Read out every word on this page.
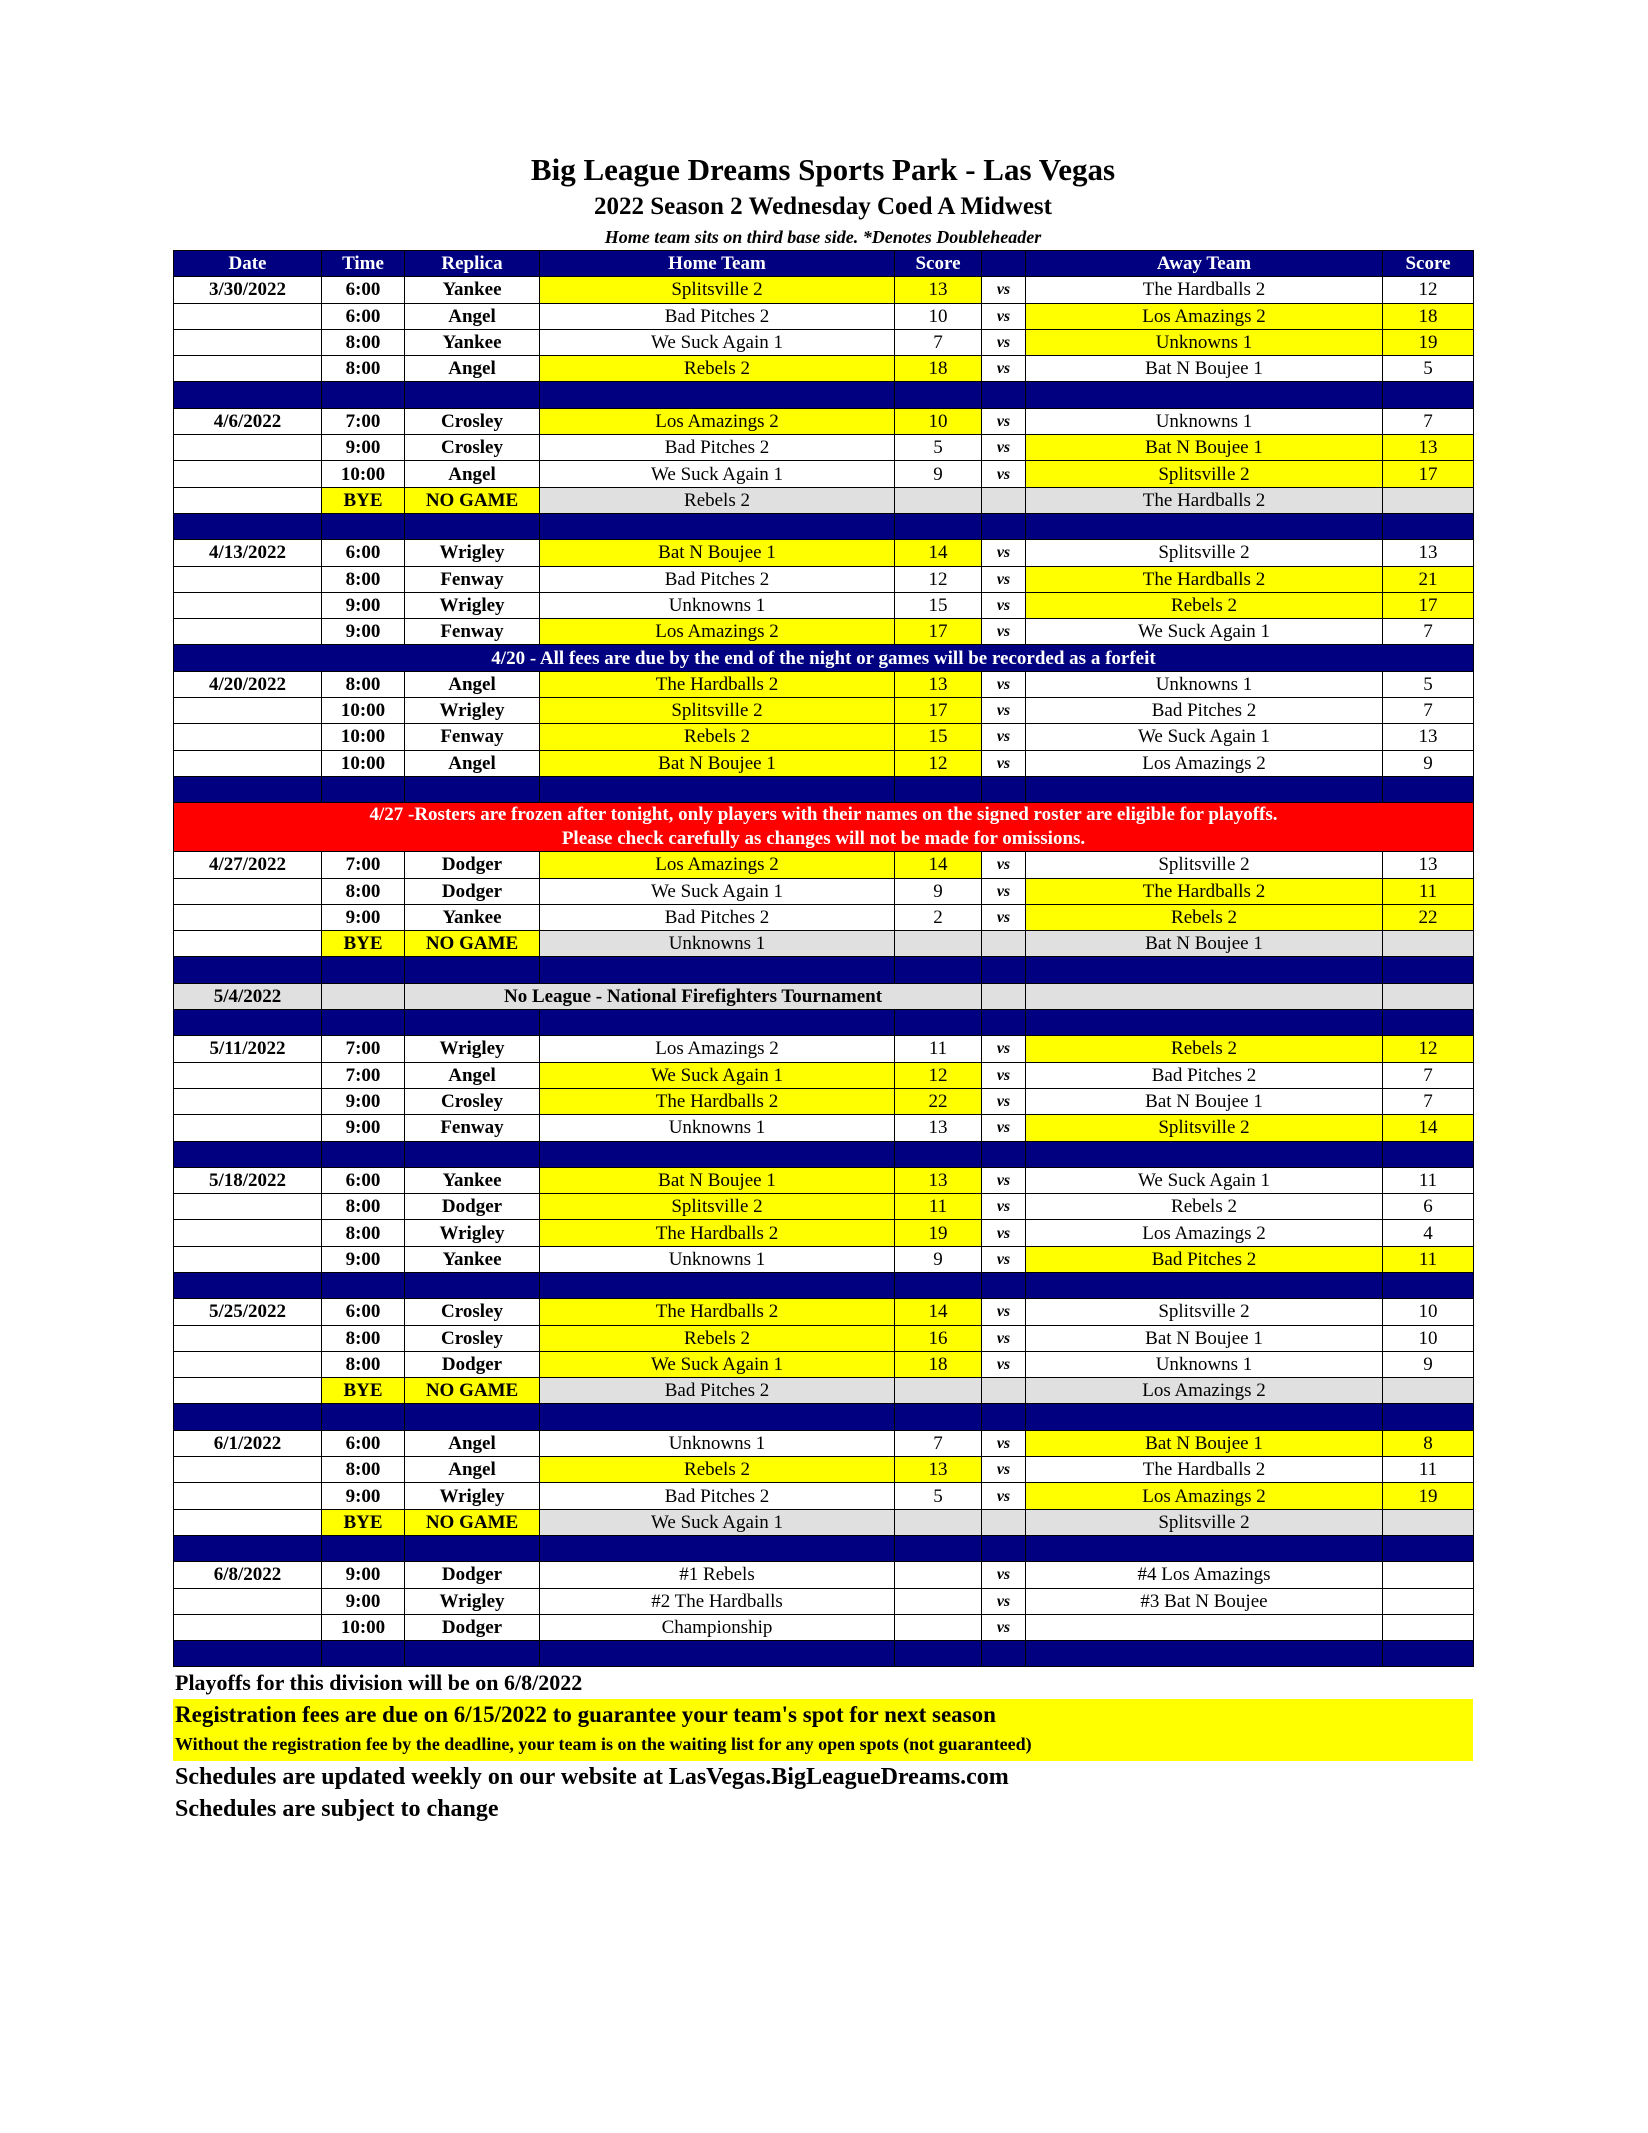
Big League Dreams Sports Park - Las Vegas
2022 Season 2 Wednesday Coed A Midwest
Home team sits on third base side. *Denotes Doubleheader
Date	Time	Replica	Home Team	Score		Away Team	Score
3/30/2022	6:00	Yankee	Splitsville 2	13	vs	The Hardballs 2	12
	6:00	Angel	Bad Pitches 2	10	vs	Los Amazings 2	18
	8:00	Yankee	We Suck Again 1	7	vs	Unknowns 1	19
	8:00	Angel	Rebels 2	18	vs	Bat N Boujee 1	5

4/6/2022	7:00	Crosley	Los Amazings 2	10	vs	Unknowns 1	7
	9:00	Crosley	Bad Pitches 2	5	vs	Bat N Boujee 1	13
	10:00	Angel	We Suck Again 1	9	vs	Splitsville 2	17
	BYE	NO GAME	Rebels 2			The Hardballs 2	

4/13/2022	6:00	Wrigley	Bat N Boujee 1	14	vs	Splitsville 2	13
	8:00	Fenway	Bad Pitches 2	12	vs	The Hardballs 2	21
	9:00	Wrigley	Unknowns 1	15	vs	Rebels 2	17
	9:00	Fenway	Los Amazings 2	17	vs	We Suck Again 1	7
4/20 - All fees are due by the end of the night or games will be recorded as a forfeit							
4/20/2022	8:00	Angel	The Hardballs 2	13	vs	Unknowns 1	5
	10:00	Wrigley	Splitsville 2	17	vs	Bad Pitches 2	7
	10:00	Fenway	Rebels 2	15	vs	We Suck Again 1	13
	10:00	Angel	Bat N Boujee 1	12	vs	Los Amazings 2	9

4/27 -Rosters are frozen after tonight, only players with their names on the signed roster are eligible for playoffs.
Please check carefully as changes will not be made for omissions.							

4/27/2022	7:00	Dodger	Los Amazings 2	14	vs	Splitsville 2	13
	8:00	Dodger	We Suck Again 1	9	vs	The Hardballs 2	11
	9:00	Yankee	Bad Pitches 2	2	vs	Rebels 2	22
	BYE	NO GAME	Unknowns 1			Bat N Boujee 1	

5/4/2022		No League - National Firefighters Tournament					

5/11/2022	7:00	Wrigley	Los Amazings 2	11	vs	Rebels 2	12
	7:00	Angel	We Suck Again 1	12	vs	Bad Pitches 2	7
	9:00	Crosley	The Hardballs 2	22	vs	Bat N Boujee 1	7
	9:00	Fenway	Unknowns 1	13	vs	Splitsville 2	14

5/18/2022	6:00	Yankee	Bat N Boujee 1	13	vs	We Suck Again 1	11
	8:00	Dodger	Splitsville 2	11	vs	Rebels 2	6
	8:00	Wrigley	The Hardballs 2	19	vs	Los Amazings 2	4
	9:00	Yankee	Unknowns 1	9	vs	Bad Pitches 2	11

5/25/2022	6:00	Crosley	The Hardballs 2	14	vs	Splitsville 2	10
	8:00	Crosley	Rebels 2	16	vs	Bat N Boujee 1	10
	8:00	Dodger	We Suck Again 1	18	vs	Unknowns 1	9
	BYE	NO GAME	Bad Pitches 2			Los Amazings 2	

6/1/2022	6:00	Angel	Unknowns 1	7	vs	Bat N Boujee 1	8
	8:00	Angel	Rebels 2	13	vs	The Hardballs 2	11
	9:00	Wrigley	Bad Pitches 2	5	vs	Los Amazings 2	19
	BYE	NO GAME	We Suck Again 1			Splitsville 2	

6/8/2022	9:00	Dodger	#1 Rebels		vs	#4 Los Amazings	
	9:00	Wrigley	#2 The Hardballs		vs	#3 Bat N Boujee	
	10:00	Dodger	Championship		vs		

Playoffs for this division will be on 6/8/2022
Registration fees are due on 6/15/2022 to guarantee your team's spot for next season
Without the registration fee by the deadline, your team is on the waiting list for any open spots (not guaranteed)
Schedules are updated weekly on our website at LasVegas.BigLeagueDreams.com
Schedules are subject to change
